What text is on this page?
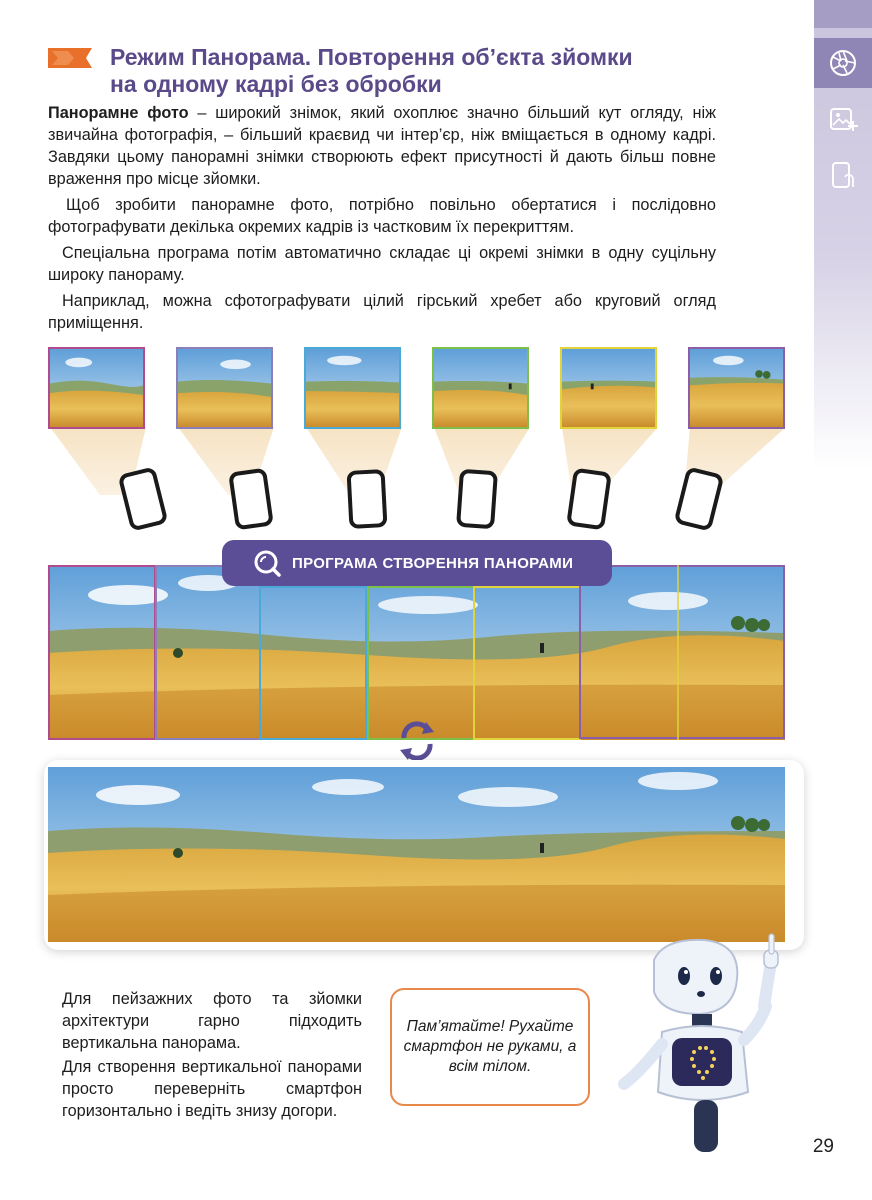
Режим Панорама. Повторення об’єкта зйомки
на одному кадрі без обробки
Панорамне фото – широкий знімок, який охоплює значно більший кут огляду, ніж звичайна фотографія, – більший краєвид чи інтер’єр, ніж вміщається в одному кадрі. Завдяки цьому панорамні знімки створюють ефект присутності й дають більш повне враження про місце зйомки.
Щоб зробити панорамне фото, потрібно повільно обертатися і послідовно фотографувати декілька окремих кадрів із частковим їх перекриттям.
Спеціальна програма потім автоматично складає ці окремі знімки в одну суцільну широку панораму.
Наприклад, можна сфотографувати цілий гірський хребет або круговий огляд приміщення.
ПРОГРАМА СТВОРЕННЯ ПАНОРАМИ
Для пейзажних фото та зйомки архітектури гарно підходить вертикальна панорама.
Для створення вертикальної панорами просто переверніть смартфон горизонтально і ведіть знизу догори.
Пам’ятайте! Рухайте смартфон не руками, а всім тілом.
29
